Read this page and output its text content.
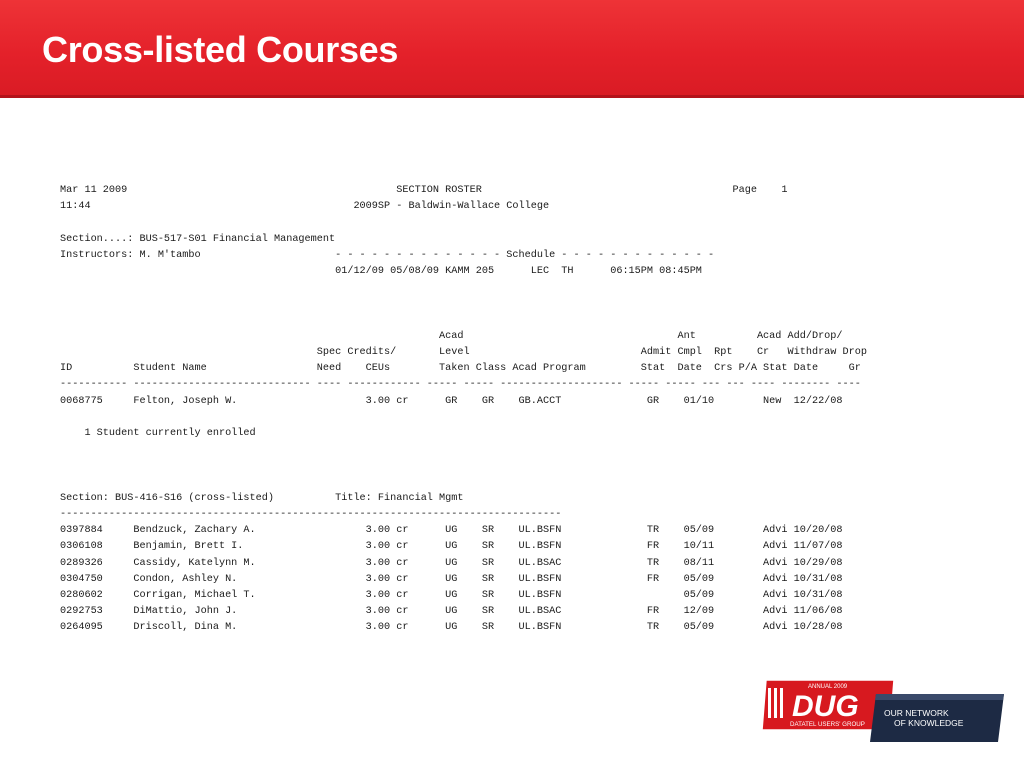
Cross-listed Courses
Mar 11 2009                                            SECTION ROSTER                                         Page    1
11:44                                           2009SP - Baldwin-Wallace College

Section....: BUS-517-S01 Financial Management
Instructors: M. M'tambo                      - - - - - - - - - - - - - - Schedule - - - - - - - - - - - - -
01/12/09 05/08/09 KAMM 205      LEC  TH      06:15PM 08:45PM

Acad                                   Ant          Acad Add/Drop/
Spec Credits/       Level                            Admit Cmpl  Rpt    Cr   Withdraw Drop
ID          Student Name                  Need    CEUs        Taken Class Acad Program         Stat  Date  Crs P/A Stat Date     Gr
----------- ----------------------------- ---- ------------ ----- ----- -------------------- ----- ----- --- --- ---- -------- ----
0068775     Felton, Joseph W.                     3.00 cr      GR    GR    GB.ACCT              GR    01/10        New  12/22/08

1 Student currently enrolled

Section: BUS-416-S16 (cross-listed)          Title: Financial Mgmt
----------------------------------------------------------------------------------
0397884     Bendzuck, Zachary A.                  3.00 cr      UG    SR    UL.BSFN              TR    05/09        Advi 10/20/08
0306108     Benjamin, Brett I.                    3.00 cr      UG    SR    UL.BSFN              FR    10/11        Advi 11/07/08
0289326     Cassidy, Katelynn M.                  3.00 cr      UG    SR    UL.BSAC              TR    08/11        Advi 10/29/08
0304750     Condon, Ashley N.                     3.00 cr      UG    SR    UL.BSFN              FR    05/09        Advi 10/31/08
0280602     Corrigan, Michael T.                  3.00 cr      UG    SR    UL.BSFN                    05/09        Advi 10/31/08
0292753     DiMattio, John J.                     3.00 cr      UG    SR    UL.BSAC              FR    12/09        Advi 11/06/08
0264095     Driscoll, Dina M.                     3.00 cr      UG    SR    UL.BSFN              TR    05/09        Advi 10/28/08

ANNUAL 2009
DUG
DATATEL USERS' GROUP
OUR NETWORK
OF KNOWLEDGE
